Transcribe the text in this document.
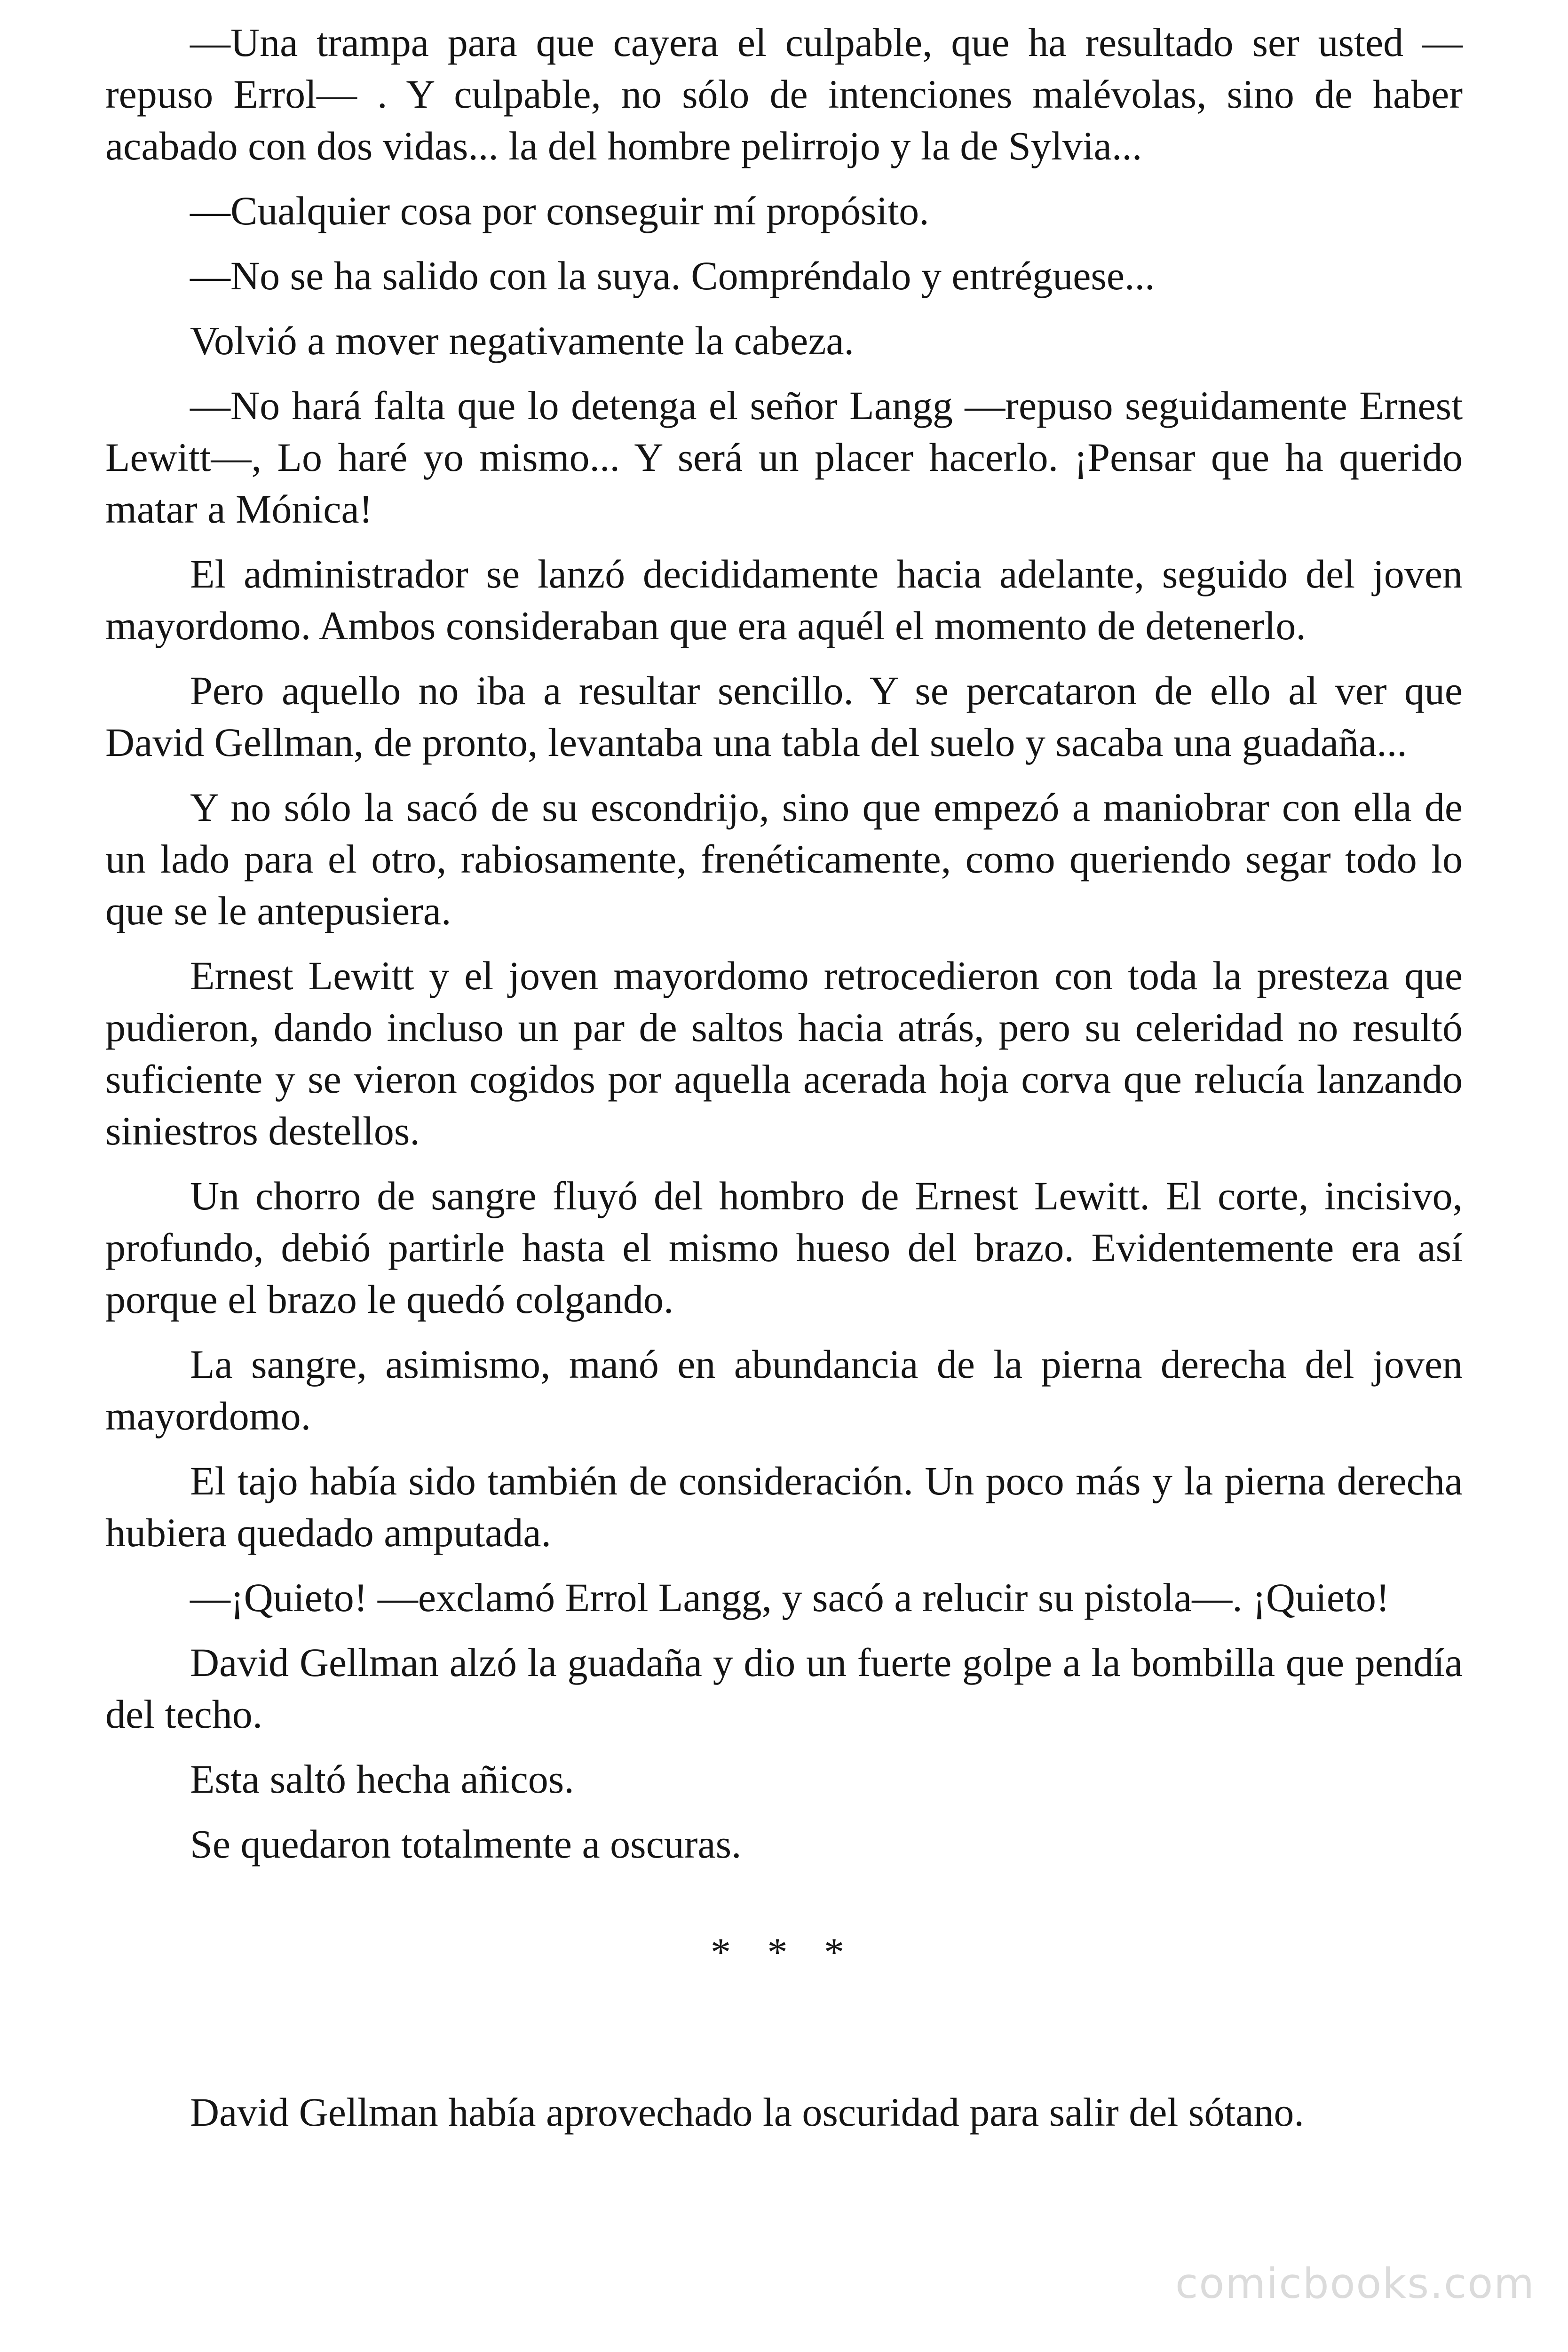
—Una trampa para que cayera el culpable, que ha resultado ser usted —repuso Errol— . Y culpable, no sólo de intenciones malévolas, sino de haber acabado con dos vidas... la del hombre pelirrojo y la de Sylvia...

—Cualquier cosa por conseguir mí propósito.

—No se ha salido con la suya. Compréndalo y entréguese...

Volvió a mover negativamente la cabeza.

—No hará falta que lo detenga el señor Langg —repuso seguidamente Ernest Lewitt—, Lo haré yo mismo... Y será un placer hacerlo. ¡Pensar que ha querido matar a Mónica!

El administrador se lanzó decididamente hacia adelante, seguido del joven mayordomo. Ambos consideraban que era aquél el momento de detenerlo.

Pero aquello no iba a resultar sencillo. Y se percataron de ello al ver que David Gellman, de pronto, levantaba una tabla del suelo y sacaba una guadaña...

Y no sólo la sacó de su escondrijo, sino que empezó a maniobrar con ella de un lado para el otro, rabiosamente, frenéticamente, como queriendo segar todo lo que se le antepusiera.

Ernest Lewitt y el joven mayordomo retrocedieron con toda la presteza que pudieron, dando incluso un par de saltos hacia atrás, pero su celeridad no resultó suficiente y se vieron cogidos por aquella acerada hoja corva que relucía lanzando siniestros destellos.

Un chorro de sangre fluyó del hombro de Ernest Lewitt. El corte, incisivo, profundo, debió partirle hasta el mismo hueso del brazo. Evidentemente era así porque el brazo le quedó colgando.

La sangre, asimismo, manó en abundancia de la pierna derecha del joven mayordomo.

El tajo había sido también de consideración. Un poco más y la pierna derecha hubiera quedado amputada.

—¡Quieto! —exclamó Errol Langg, y sacó a relucir su pistola—. ¡Quieto!

David Gellman alzó la guadaña y dio un fuerte golpe a la bombilla que pendía del techo.

Esta saltó hecha añicos.

Se quedaron totalmente a oscuras.

* * *

David Gellman había aprovechado la oscuridad para salir del sótano.

comicbooks.com
